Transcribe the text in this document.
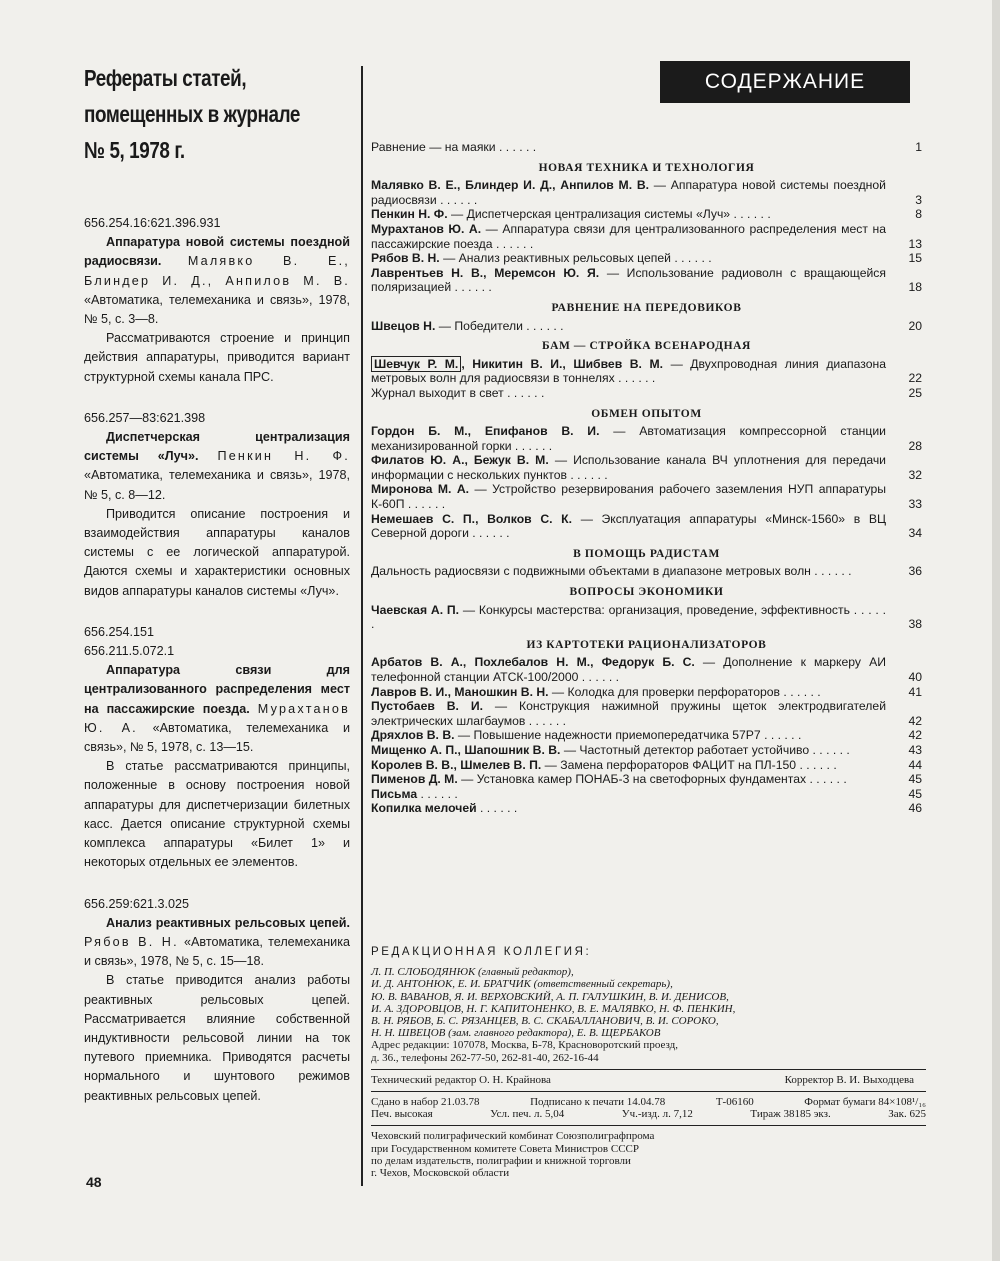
Рефераты статей,
помещенных в журнале
№ 5, 1978 г.

656.254.16:621.396.931

Аппаратура новой системы поездной радиосвязи. Малявко В. Е., Блиндер И. Д., Анпилов М. В. «Автоматика, телемеханика и связь», 1978, № 5, с. 3—8.

Рассматриваются строение и принцип действия аппаратуры, приводится вариант структурной схемы канала ПРС.

656.257—83:621.398

Диспетчерская централизация системы «Луч». Пенкин Н. Ф. «Автоматика, телемеханика и связь», 1978, № 5, с. 8—12.

Приводится описание построения и взаимодействия аппаратуры каналов системы с ее логической аппаратурой. Даются схемы и характеристики основных видов аппаратуры каналов системы «Луч».

656.254.151

656.211.5.072.1

Аппаратура связи для централизованного распределения мест на пассажирские поезда. Мурахтанов Ю. А. «Автоматика, телемеханика и связь», № 5, 1978, с. 13—15.

В статье рассматриваются принципы, положенные в основу построения новой аппаратуры для диспетчеризации билетных касс. Дается описание структурной схемы комплекса аппаратуры «Билет 1» и некоторых отдельных ее элементов.

656.259:621.3.025

Анализ реактивных рельсовых цепей. Рябов В. Н. «Автоматика, телемеханика и связь», 1978, № 5, с. 15—18.

В статье приводится анализ работы реактивных рельсовых цепей. Рассматривается влияние собственной индуктивности рельсовой линии на ток путевого приемника. Приводятся расчеты нормального и шунтового режимов реактивных рельсовых цепей.

48
СОДЕРЖАНИЕ
Равнение — на маяки . . . . . .	1
НОВАЯ ТЕХНИКА И ТЕХНОЛОГИЯ
Малявко В. Е., Блиндер И. Д., Анпилов М. В. — Аппаратура новой системы поездной радиосвязи . . . . . .	3
Пенкин Н. Ф. — Диспетчерская централизация системы «Луч» . . . . . .	8
Мурахтанов Ю. А. — Аппаратура связи для централизованного распределения мест на пассажирские поезда . . . . . .	13
Рябов В. Н. — Анализ реактивных рельсовых цепей . . . . . .	15
Лаврентьев Н. В., Меремсон Ю. Я. — Использование радиоволн с вращающейся поляризацией . . . . . .	18
РАВНЕНИЕ НА ПЕРЕДОВИКОВ
Швецов Н. — Победители . . . . . .	20
БАМ — СТРОЙКА ВСЕНАРОДНАЯ
Шевчук Р. М. , Никитин В. И., Шибвев В. М. — Двухпроводная линия диапазона метровых волн для радиосвязи в тоннелях . . . . . .	22
Журнал выходит в свет . . . . . .	25
ОБМЕН ОПЫТОМ
Гордон Б. М., Епифанов В. И. — Автоматизация компрессорной станции механизированной горки . . . . . .	28
Филатов Ю. А., Бежук В. М. — Использование канала ВЧ уплотнения для передачи информации с нескольких пунктов . . . . . .	32
Миронова М. А. — Устройство резервирования рабочего заземления НУП аппаратуры К-60П . . . . . .	33
Немешаев С. П., Волков С. К. — Эксплуатация аппаратуры «Минск-1560» в ВЦ Северной дороги . . . . . .	34
В ПОМОЩЬ РАДИСТАМ
Дальность радиосвязи с подвижными объектами в диапазоне метровых волн . . . . . .	36
ВОПРОСЫ ЭКОНОМИКИ
Чаевская А. П. — Конкурсы мастерства: организация, проведение, эффективность . . . . . .	38
ИЗ КАРТОТЕКИ РАЦИОНАЛИЗАТОРОВ
Арбатов В. А., Похлебалов Н. М., Федорук Б. С. — Дополнение к маркеру АИ телефонной станции АТСК-100/2000 . . . . . .	40
Лавров В. И., Маношкин В. Н. — Колодка для проверки перфораторов . . . . . .	41
Пустобаев В. И. — Конструкция нажимной пружины щеток электродвигателей электрических шлагбаумов . . . . . .	42
Дряхлов В. В. — Повышение надежности приемопередатчика 57Р7 . . . . . .	42
Мищенко А. П., Шапошник В. В. — Частотный детектор работает устойчиво . . . . . .	43
Королев В. В., Шмелев В. П. — Замена перфораторов ФАЦИТ на ПЛ-150 . . . . . .	44
Пименов Д. М. — Установка камер ПОНАБ-3 на светофорных фундаментах . . . . . .	45
Письма . . . . . .	45
Копилка мелочей . . . . . .	46
РЕДАКЦИОННАЯ КОЛЛЕГИЯ:

Л. П. СЛОБОДЯНЮК (главный редактор),

И. Д. АНТОНЮК, Е. И. БРАТЧИК (ответственный секретарь),

Ю. В. ВАВАНОВ, Я. И. ВЕРХОВСКИЙ, А. П. ГАЛУШКИН, В. И. ДЕНИСОВ,

И. А. ЗДОРОВЦОВ, Н. Г. КАПИТОНЕНКО, В. Е. МАЛЯВКО, Н. Ф. ПЕНКИН,

В. Н. РЯБОВ, Б. С. РЯЗАНЦЕВ, В. С. СКАБАЛЛАНОВИЧ, В. И. СОРОКО,

Н. Н. ШВЕЦОВ (зам. главного редактора), Е. В. ЩЕРБАКОВ

Адрес редакции: 107078, Москва, Б-78, Красноворотский проезд,

д. 36., телефоны 262-77-50, 262-81-40, 262-16-44

Технический редактор О. Н. Крайнова	Корректор В. И. Выходцева
Сдано в набор 21.03.78	Подписано к печати 14.04.78	Т-06160	Формат бумаги 84×108¹/₁₆
Печ. высокая	Усл. печ. л. 5,04	Уч.-изд. л. 7,12	Тираж 38185 экз.	Зак. 625

Чеховский полиграфический комбинат Союзполиграфпрома

при Государственном комитете Совета Министров СССР

по делам издательств, полиграфии и книжной торговли

г. Чехов, Московской области
